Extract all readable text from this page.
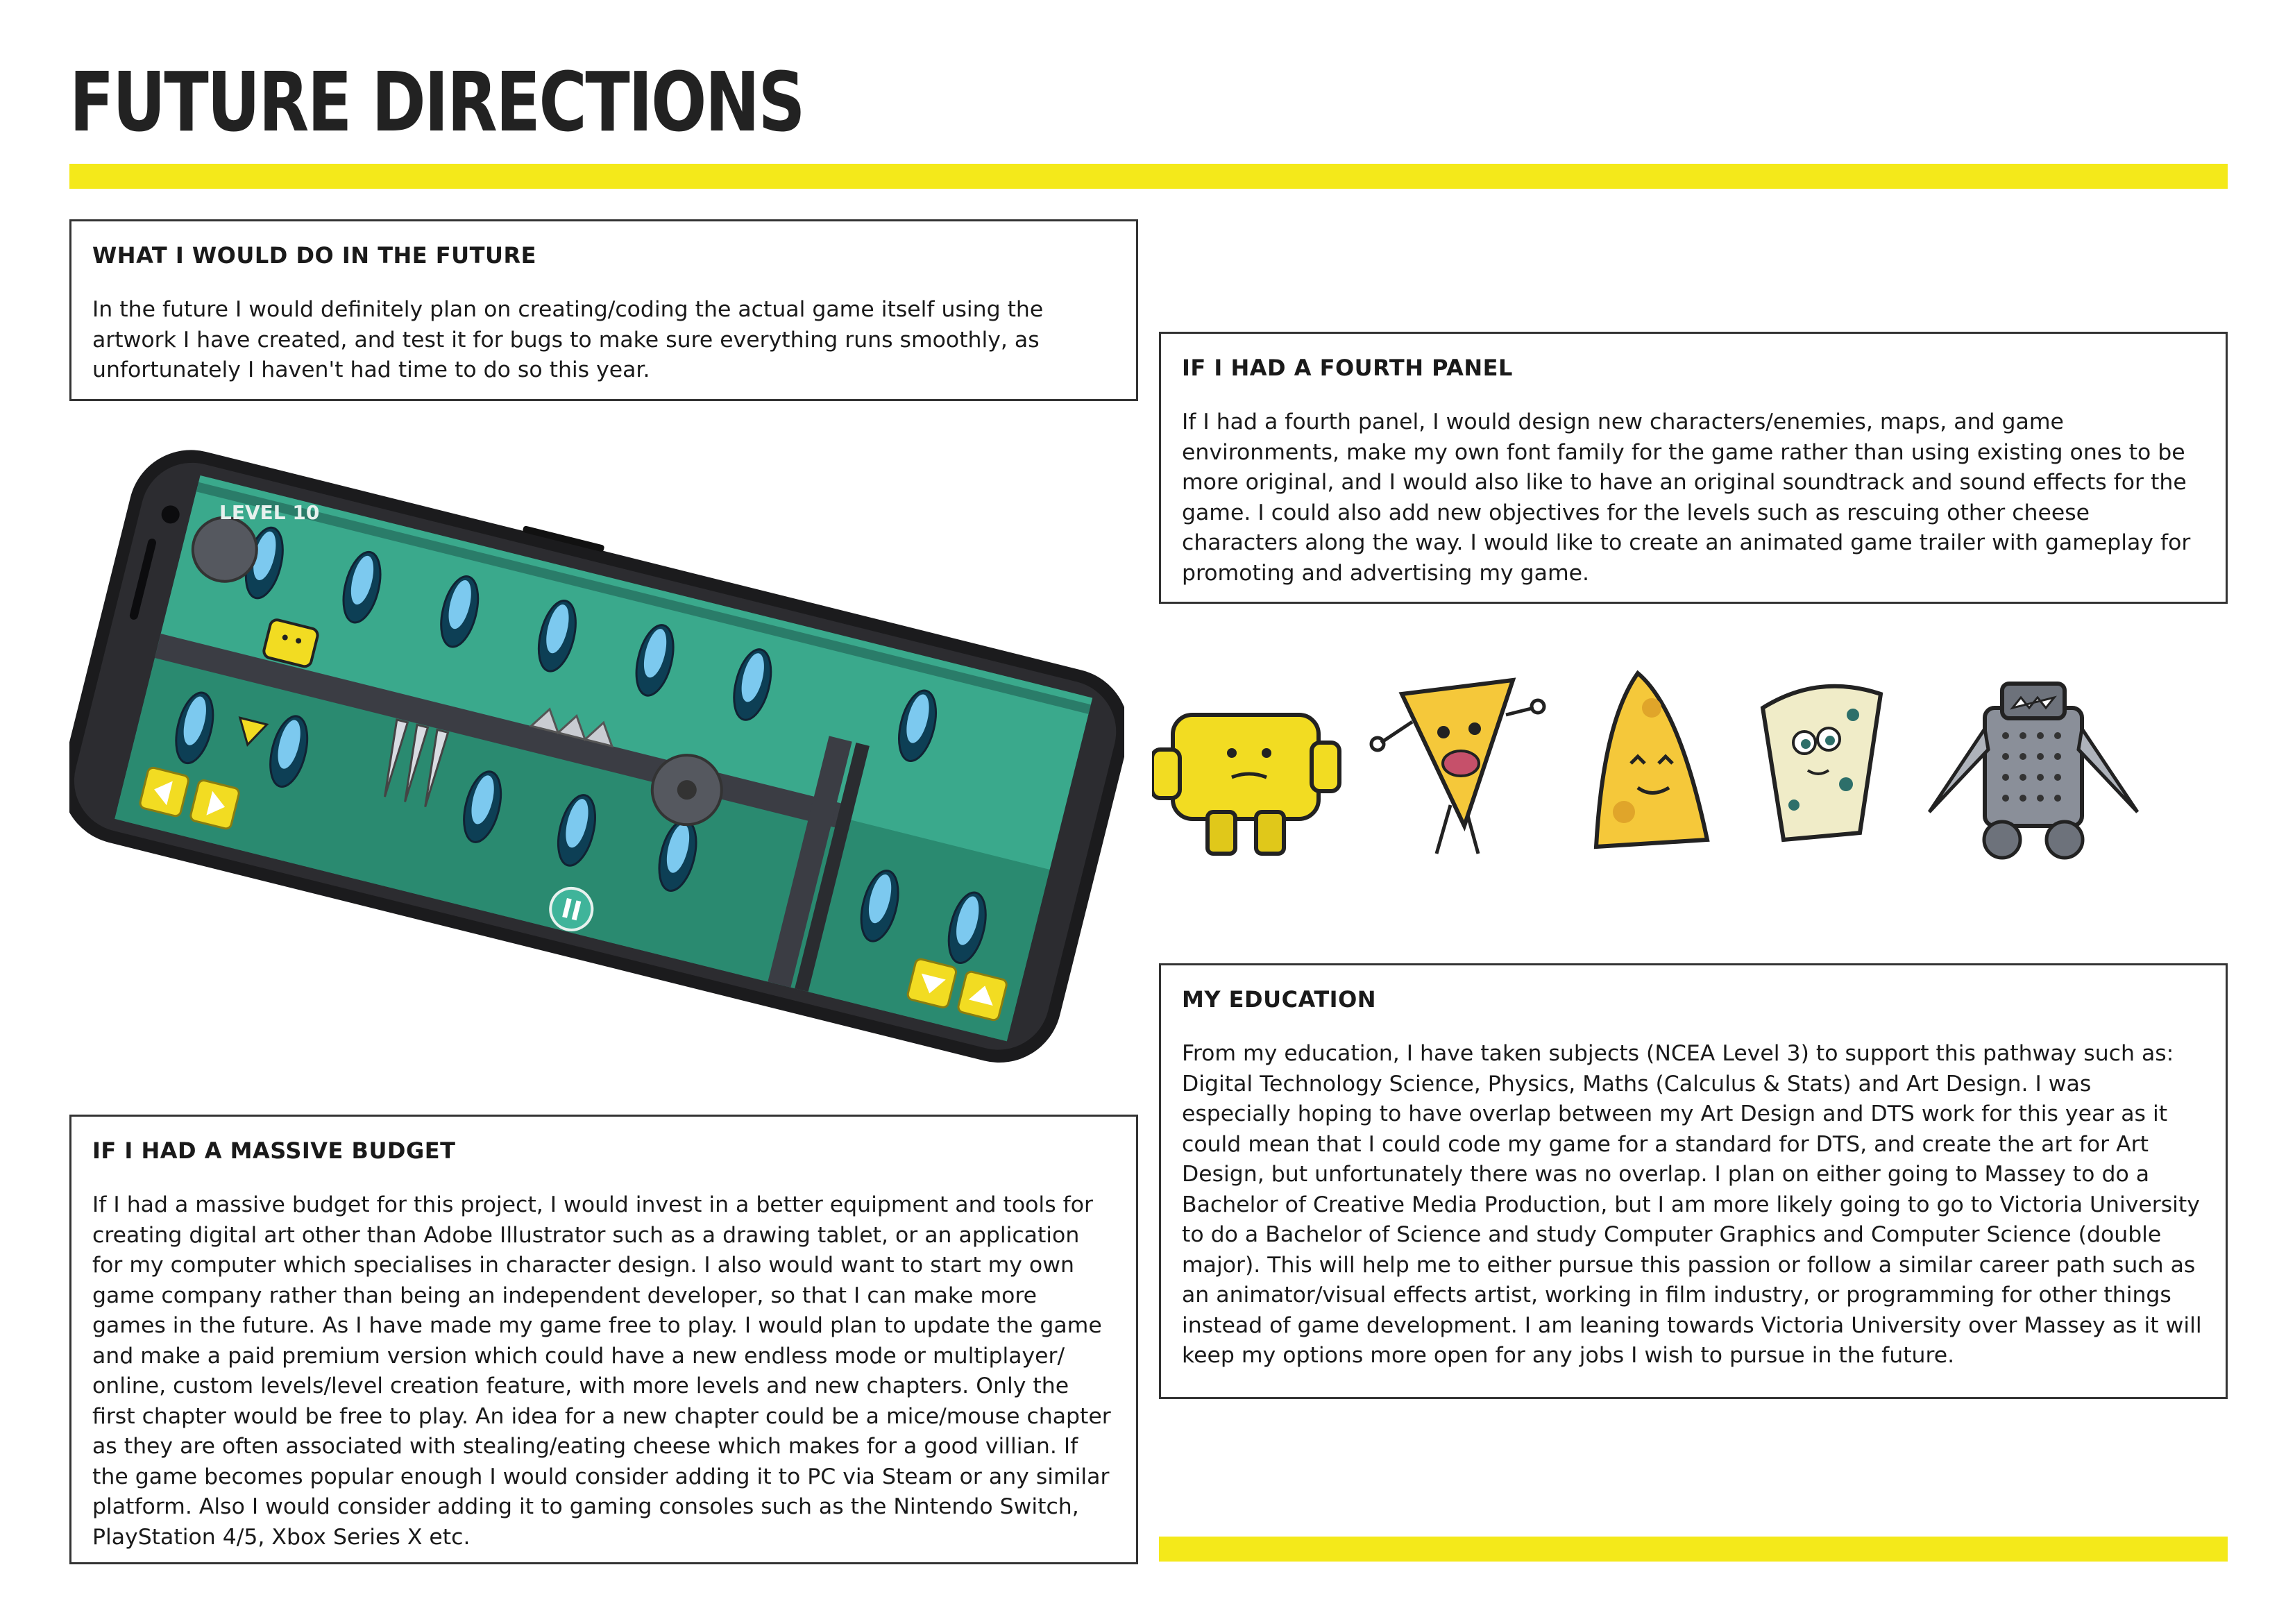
FUTURE DIRECTIONS
WHAT I WOULD DO IN THE FUTURE

In the future I would definitely plan on creating/coding the actual game itself using the artwork I have created, and test it for bugs to make sure everything runs smoothly, as unfortunately I haven't had time to do so this year.	IF I HAD A FOURTH PANEL

If I had a fourth panel, I would design new characters/enemies, maps, and game environments, make my own font family for the game rather than using existing ones to be more original, and I would also like to have an original soundtrack and sound effects for the game. I could also add new objectives for the levels such as rescuing other cheese characters along the way. I would like to create an animated game trailer with gameplay for promoting and advertising my game.

LEVEL 10
MY EDUCATION

From my education, I have taken subjects (NCEA Level 3) to support this pathway such as: Digital Technology Science, Physics, Maths (Calculus & Stats) and Art Design. I was especially hoping to have overlap between my Art Design and DTS work for this year as it could mean that I could code my game for a standard for DTS, and create the art for Art Design, but unfortunately there was no overlap. I plan on either going to Massey to do a Bachelor of Creative Media Production, but I am more likely going to go to Victoria University to do a Bachelor of Science and study Computer Graphics and Computer Science (double major). This will help me to either pursue this passion or follow a similar career path such as an animator/visual effects artist, working in film industry, or programming for other things instead of game development. I am leaning towards Victoria University over Massey as it will keep my options more open for any jobs I wish to pursue in the future.

IF I HAD A MASSIVE BUDGET

If I had a massive budget for this project, I would invest in a better equipment and tools for creating digital art other than Adobe Illustrator such as a drawing tablet, or an application for my computer which specialises in character design. I also would want to start my own game company rather than being an independent developer, so that I can make more games in the future. As I have made my game free to play. I would plan to update the game and make a paid premium version which could have a new endless mode or multiplayer/ online, custom levels/level creation feature, with more levels and new chapters. Only the first chapter would be free to play. An idea for a new chapter could be a mice/mouse chapter as they are often associated with stealing/eating cheese which makes for a good villian. If the game becomes popular enough I would consider adding it to PC via Steam or any similar platform. Also I would consider adding it to gaming consoles such as the Nintendo Switch, PlayStation 4/5, Xbox Series X etc.
